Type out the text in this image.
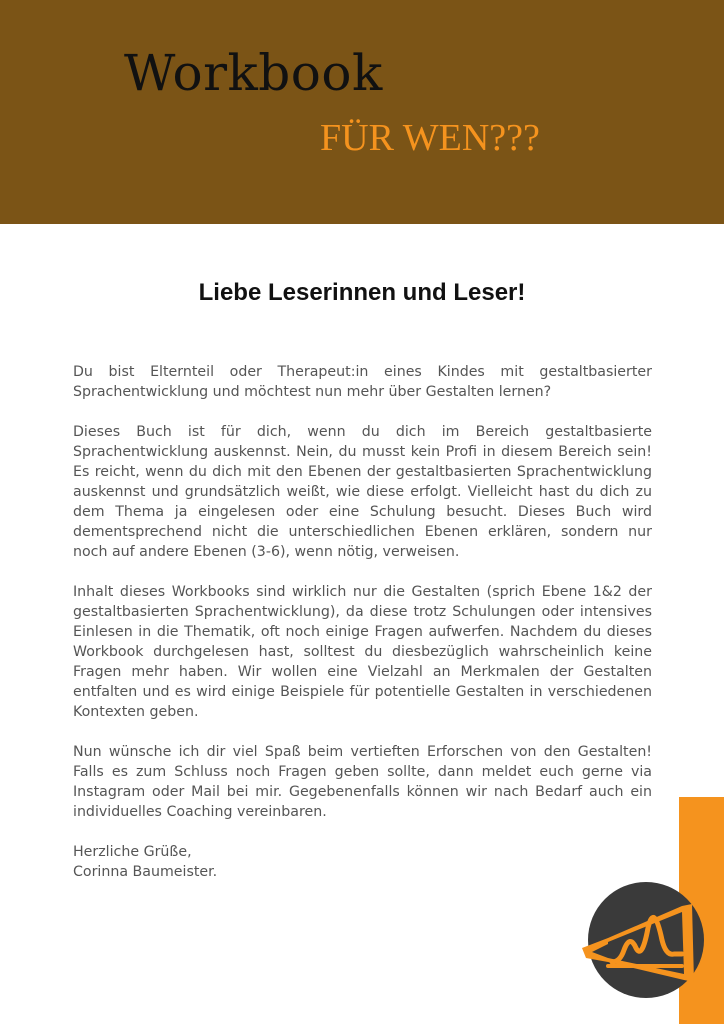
Workbook
FÜR WEN???
Liebe Leserinnen und Leser!

Du bist Elternteil oder Therapeut:in eines Kindes mit gestaltbasierter Sprachentwicklung und möchtest nun mehr über Gestalten lernen?

Dieses Buch ist für dich, wenn du dich im Bereich gestaltbasierte Sprachentwicklung auskennst. Nein, du musst kein Profi in diesem Bereich sein! Es reicht, wenn du dich mit den Ebenen der gestaltbasierten Sprachentwicklung auskennst und grundsätzlich weißt, wie diese erfolgt. Vielleicht hast du dich zu dem Thema ja eingelesen oder eine Schulung besucht. Dieses Buch wird dementsprechend nicht die unterschiedlichen Ebenen erklären, sondern nur noch auf andere Ebenen (3-6), wenn nötig, verweisen.

Inhalt dieses Workbooks sind wirklich nur die Gestalten (sprich Ebene 1&2 der gestaltbasierten Sprachentwicklung), da diese trotz Schulungen oder intensives Einlesen in die Thematik, oft noch einige Fragen aufwerfen. Nachdem du dieses Workbook durchgelesen hast, solltest du diesbezüglich wahrscheinlich keine Fragen mehr haben. Wir wollen eine Vielzahl an Merkmalen der Gestalten entfalten und es wird einige Beispiele für potentielle Gestalten in verschiedenen Kontexten geben.

Nun wünsche ich dir viel Spaß beim vertieften Erforschen von den Gestalten! Falls es zum Schluss noch Fragen geben sollte, dann meldet euch gerne via Instagram oder Mail bei mir. Gegebenenfalls können wir nach Bedarf auch ein individuelles Coaching vereinbaren.

Herzliche Grüße,
Corinna Baumeister.
